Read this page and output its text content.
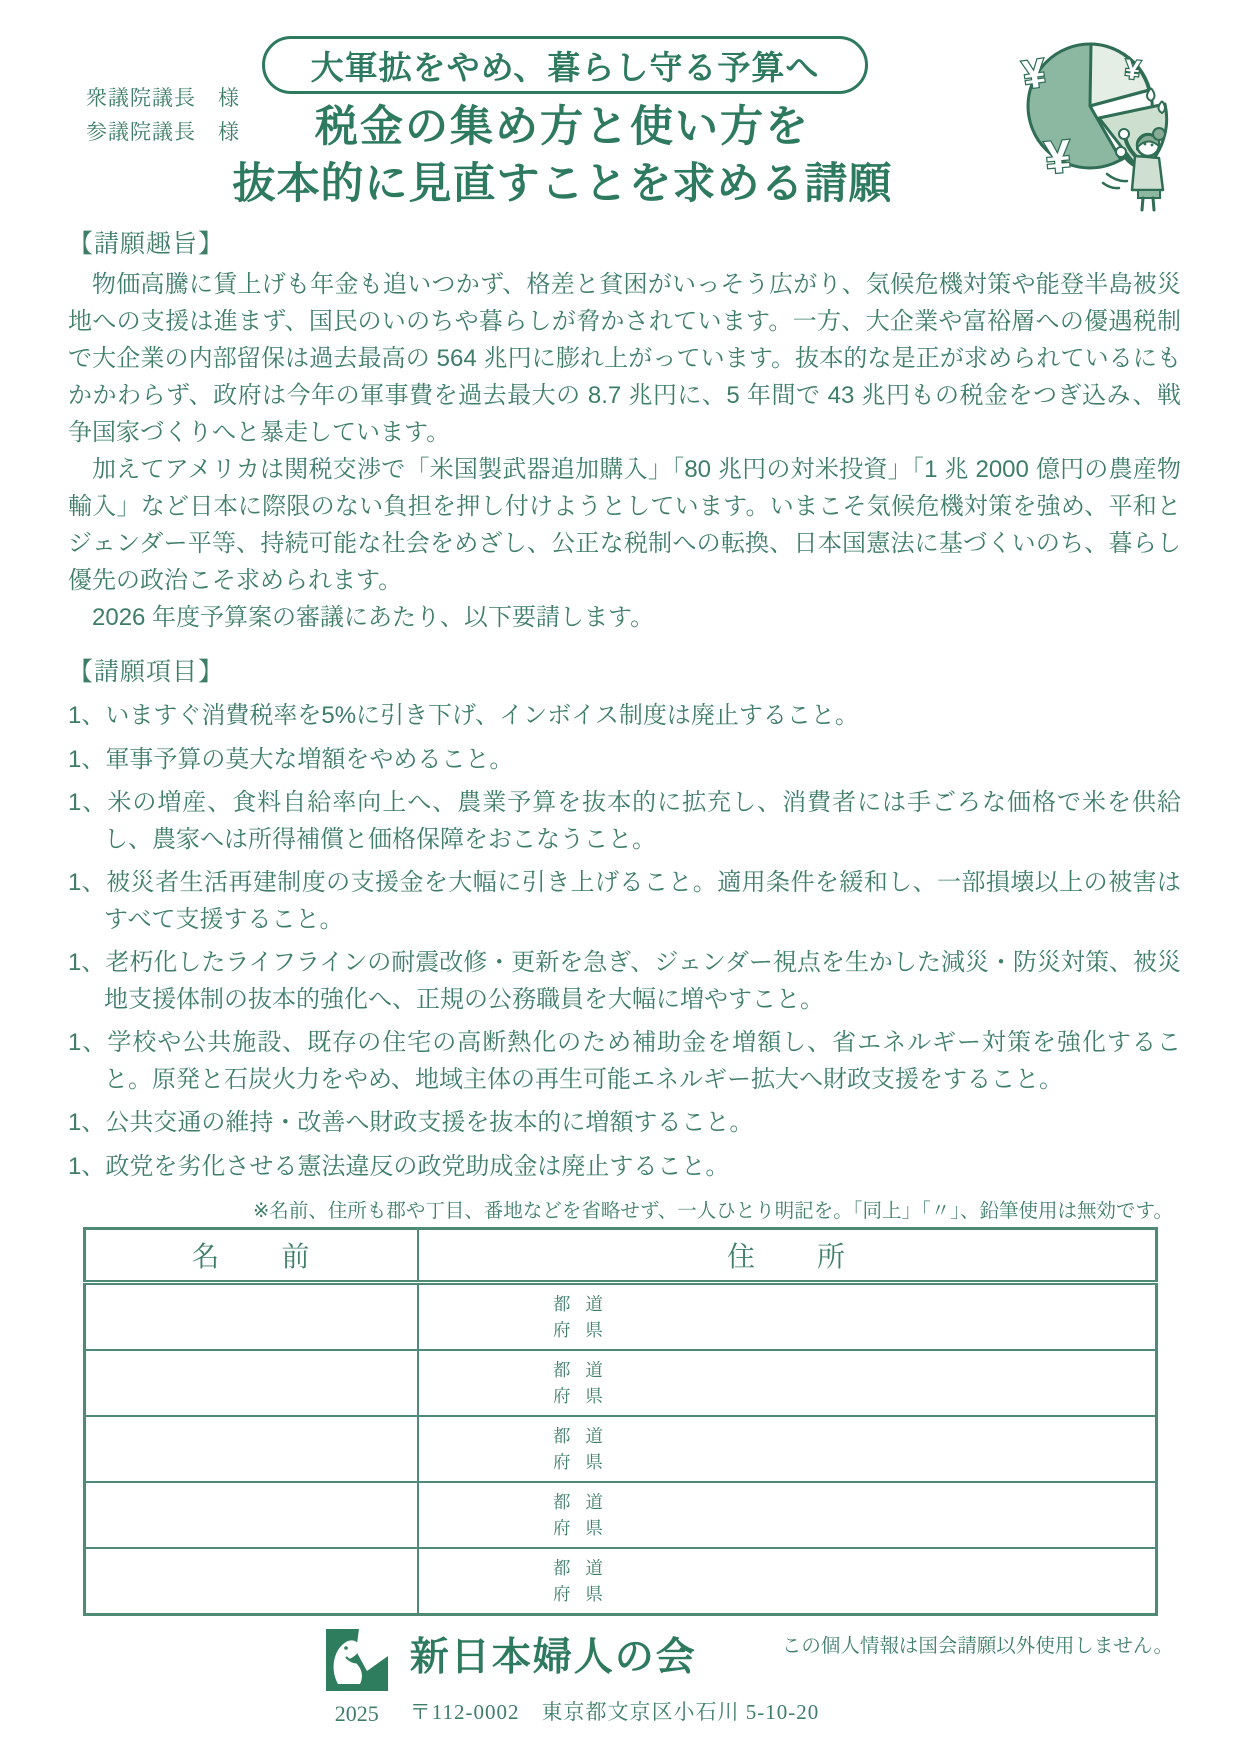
衆議院議長　様
参議院議長　様
大軍拡をやめ、暮らし守る予算へ
税金の集め方と使い方を
抜本的に見直すことを求める請願
¥	¥
¥
【請願趣旨】

物価高騰に賃上げも年金も追いつかず、格差と貧困がいっそう広がり、気候危機対策や能登半島被災地への支援は進まず、国民のいのちや暮らしが脅かされています。一方、大企業や富裕層への優遇税制で大企業の内部留保は過去最高の 564 兆円に膨れ上がっています。抜本的な是正が求められているにもかかわらず、政府は今年の軍事費を過去最大の 8.7 兆円に、5 年間で 43 兆円もの税金をつぎ込み、戦争国家づくりへと暴走しています。

加えてアメリカは関税交渉で「米国製武器追加購入」「80 兆円の対米投資」「1 兆 2000 億円の農産物輸入」など日本に際限のない負担を押し付けようとしています。いまこそ気候危機対策を強め、平和とジェンダー平等、持続可能な社会をめざし、公正な税制への転換、日本国憲法に基づくいのち、暮らし優先の政治こそ求められます。

2026 年度予算案の審議にあたり、以下要請します。

【請願項目】
1、いますぐ消費税率を5%に引き下げ、インボイス制度は廃止すること。
1、軍事予算の莫大な増額をやめること。
1、米の増産、食料自給率向上へ、農業予算を抜本的に拡充し、消費者には手ごろな価格で米を供給し、農家へは所得補償と価格保障をおこなうこと。
1、被災者生活再建制度の支援金を大幅に引き上げること。適用条件を緩和し、一部損壊以上の被害はすべて支援すること。
1、老朽化したライフラインの耐震改修・更新を急ぎ、ジェンダー視点を生かした減災・防災対策、被災地支援体制の抜本的強化へ、正規の公務職員を大幅に増やすこと。
1、学校や公共施設、既存の住宅の高断熱化のため補助金を増額し、省エネルギー対策を強化すること。原発と石炭火力をやめ、地域主体の再生可能エネルギー拡大へ財政支援をすること。
1、公共交通の維持・改善へ財政支援を抜本的に増額すること。
1、政党を劣化させる憲法違反の政党助成金は廃止すること。
※名前、住所も郡や丁目、番地などを省略せず、一人ひとり明記を。「同上」「〃」、鉛筆使用は無効です。
名　　前	住　　所

	都 道
府 県

	都 道
府 県

	都 道
府 県

	都 道
府 県

	都 道
府 県
この個人情報は国会請願以外使用しません。
2025
新日本婦人の会
〒112-0002　東京都文京区小石川 5-10-20
